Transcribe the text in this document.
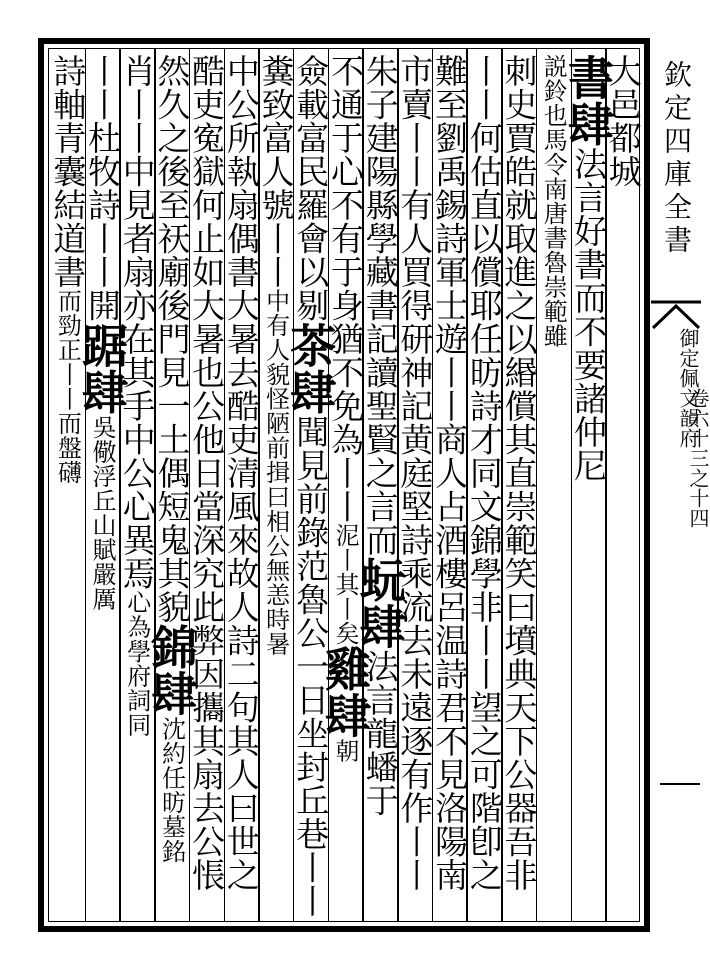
大邑都城
書肆法言好書而不要諸仲尼
説鈴也馬令南唐書魯崇範雖
刺史賈皓就取進之以緡償其直崇範笑曰墳典天下公器吾非
丨丨何估直以償耶任昉詩才同文錦學非丨丨望之可階卽之
難至劉禹錫詩軍士遊丨丨商人占酒樓呂温詩君不見洛陽南
市賣丨丨有人買得研神記黄庭堅詩乘流去未遠逐有作丨丨
朱子建陽縣學藏書記讀聖賢之言而蚖肆法言龍蟠于
不通于心不有于身猶不免為丨丨泥丨其丨矣雞肆朝
僉載富民羅會以剔茶肆聞見前錄范魯公一日坐封丘巷丨丨
糞致富人號丨丨中有人貌怪陋前揖曰相公無恙時暑
中公所執扇偶書大暑去酷吏清風來故人詩二句其人曰世之
酷吏寃獄何止如大暑也公他日當深究此弊因攜其扇去公悵
然久之後至祆廟後門見一土偶短鬼其貌錦肆沈約任昉墓銘
肖丨丨中見者扇亦在其手中公心異焉心為學府詞同
丨丨杜牧詩丨丨開踞肆吳儆浮丘山賦嚴厲
詩軸青囊結道書而勁正丨丨而盤礴
欽定四庫全書
御定佩文韻府
卷六十三之十四
